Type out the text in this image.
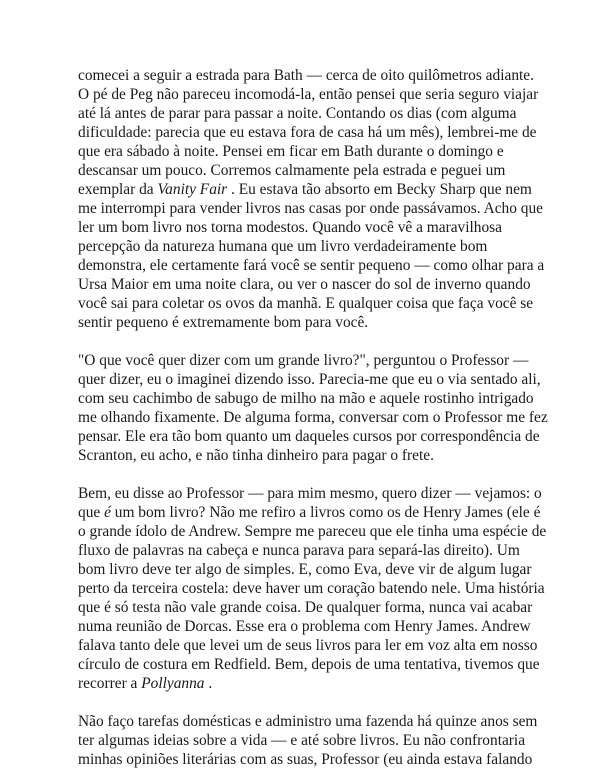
comecei a seguir a estrada para Bath — cerca de oito quilômetros adiante.
O pé de Peg não pareceu incomodá-la, então pensei que seria seguro viajar
até lá antes de parar para passar a noite. Contando os dias (com alguma
dificuldade: parecia que eu estava fora de casa há um mês), lembrei-me de
que era sábado à noite. Pensei em ficar em Bath durante o domingo e
descansar um pouco. Corremos calmamente pela estrada e peguei um
exemplar da Vanity Fair . Eu estava tão absorto em Becky Sharp que nem
me interrompi para vender livros nas casas por onde passávamos. Acho que
ler um bom livro nos torna modestos. Quando você vê a maravilhosa
percepção da natureza humana que um livro verdadeiramente bom
demonstra, ele certamente fará você se sentir pequeno — como olhar para a
Ursa Maior em uma noite clara, ou ver o nascer do sol de inverno quando
você sai para coletar os ovos da manhã. E qualquer coisa que faça você se
sentir pequeno é extremamente bom para você.

"O que você quer dizer com um grande livro?", perguntou o Professor —
quer dizer, eu o imaginei dizendo isso. Parecia-me que eu o via sentado ali,
com seu cachimbo de sabugo de milho na mão e aquele rostinho intrigado
me olhando fixamente. De alguma forma, conversar com o Professor me fez
pensar. Ele era tão bom quanto um daqueles cursos por correspondência de
Scranton, eu acho, e não tinha dinheiro para pagar o frete.

Bem, eu disse ao Professor — para mim mesmo, quero dizer — vejamos: o
que é um bom livro? Não me refiro a livros como os de Henry James (ele é
o grande ídolo de Andrew. Sempre me pareceu que ele tinha uma espécie de
fluxo de palavras na cabeça e nunca parava para separá-las direito). Um
bom livro deve ter algo de simples. E, como Eva, deve vir de algum lugar
perto da terceira costela: deve haver um coração batendo nele. Uma história
que é só testa não vale grande coisa. De qualquer forma, nunca vai acabar
numa reunião de Dorcas. Esse era o problema com Henry James. Andrew
falava tanto dele que levei um de seus livros para ler em voz alta em nosso
círculo de costura em Redfield. Bem, depois de uma tentativa, tivemos que
recorrer a Pollyanna .

Não faço tarefas domésticas e administro uma fazenda há quinze anos sem
ter algumas ideias sobre a vida — e até sobre livros. Eu não confrontaria
minhas opiniões literárias com as suas, Professor (eu ainda estava falando
